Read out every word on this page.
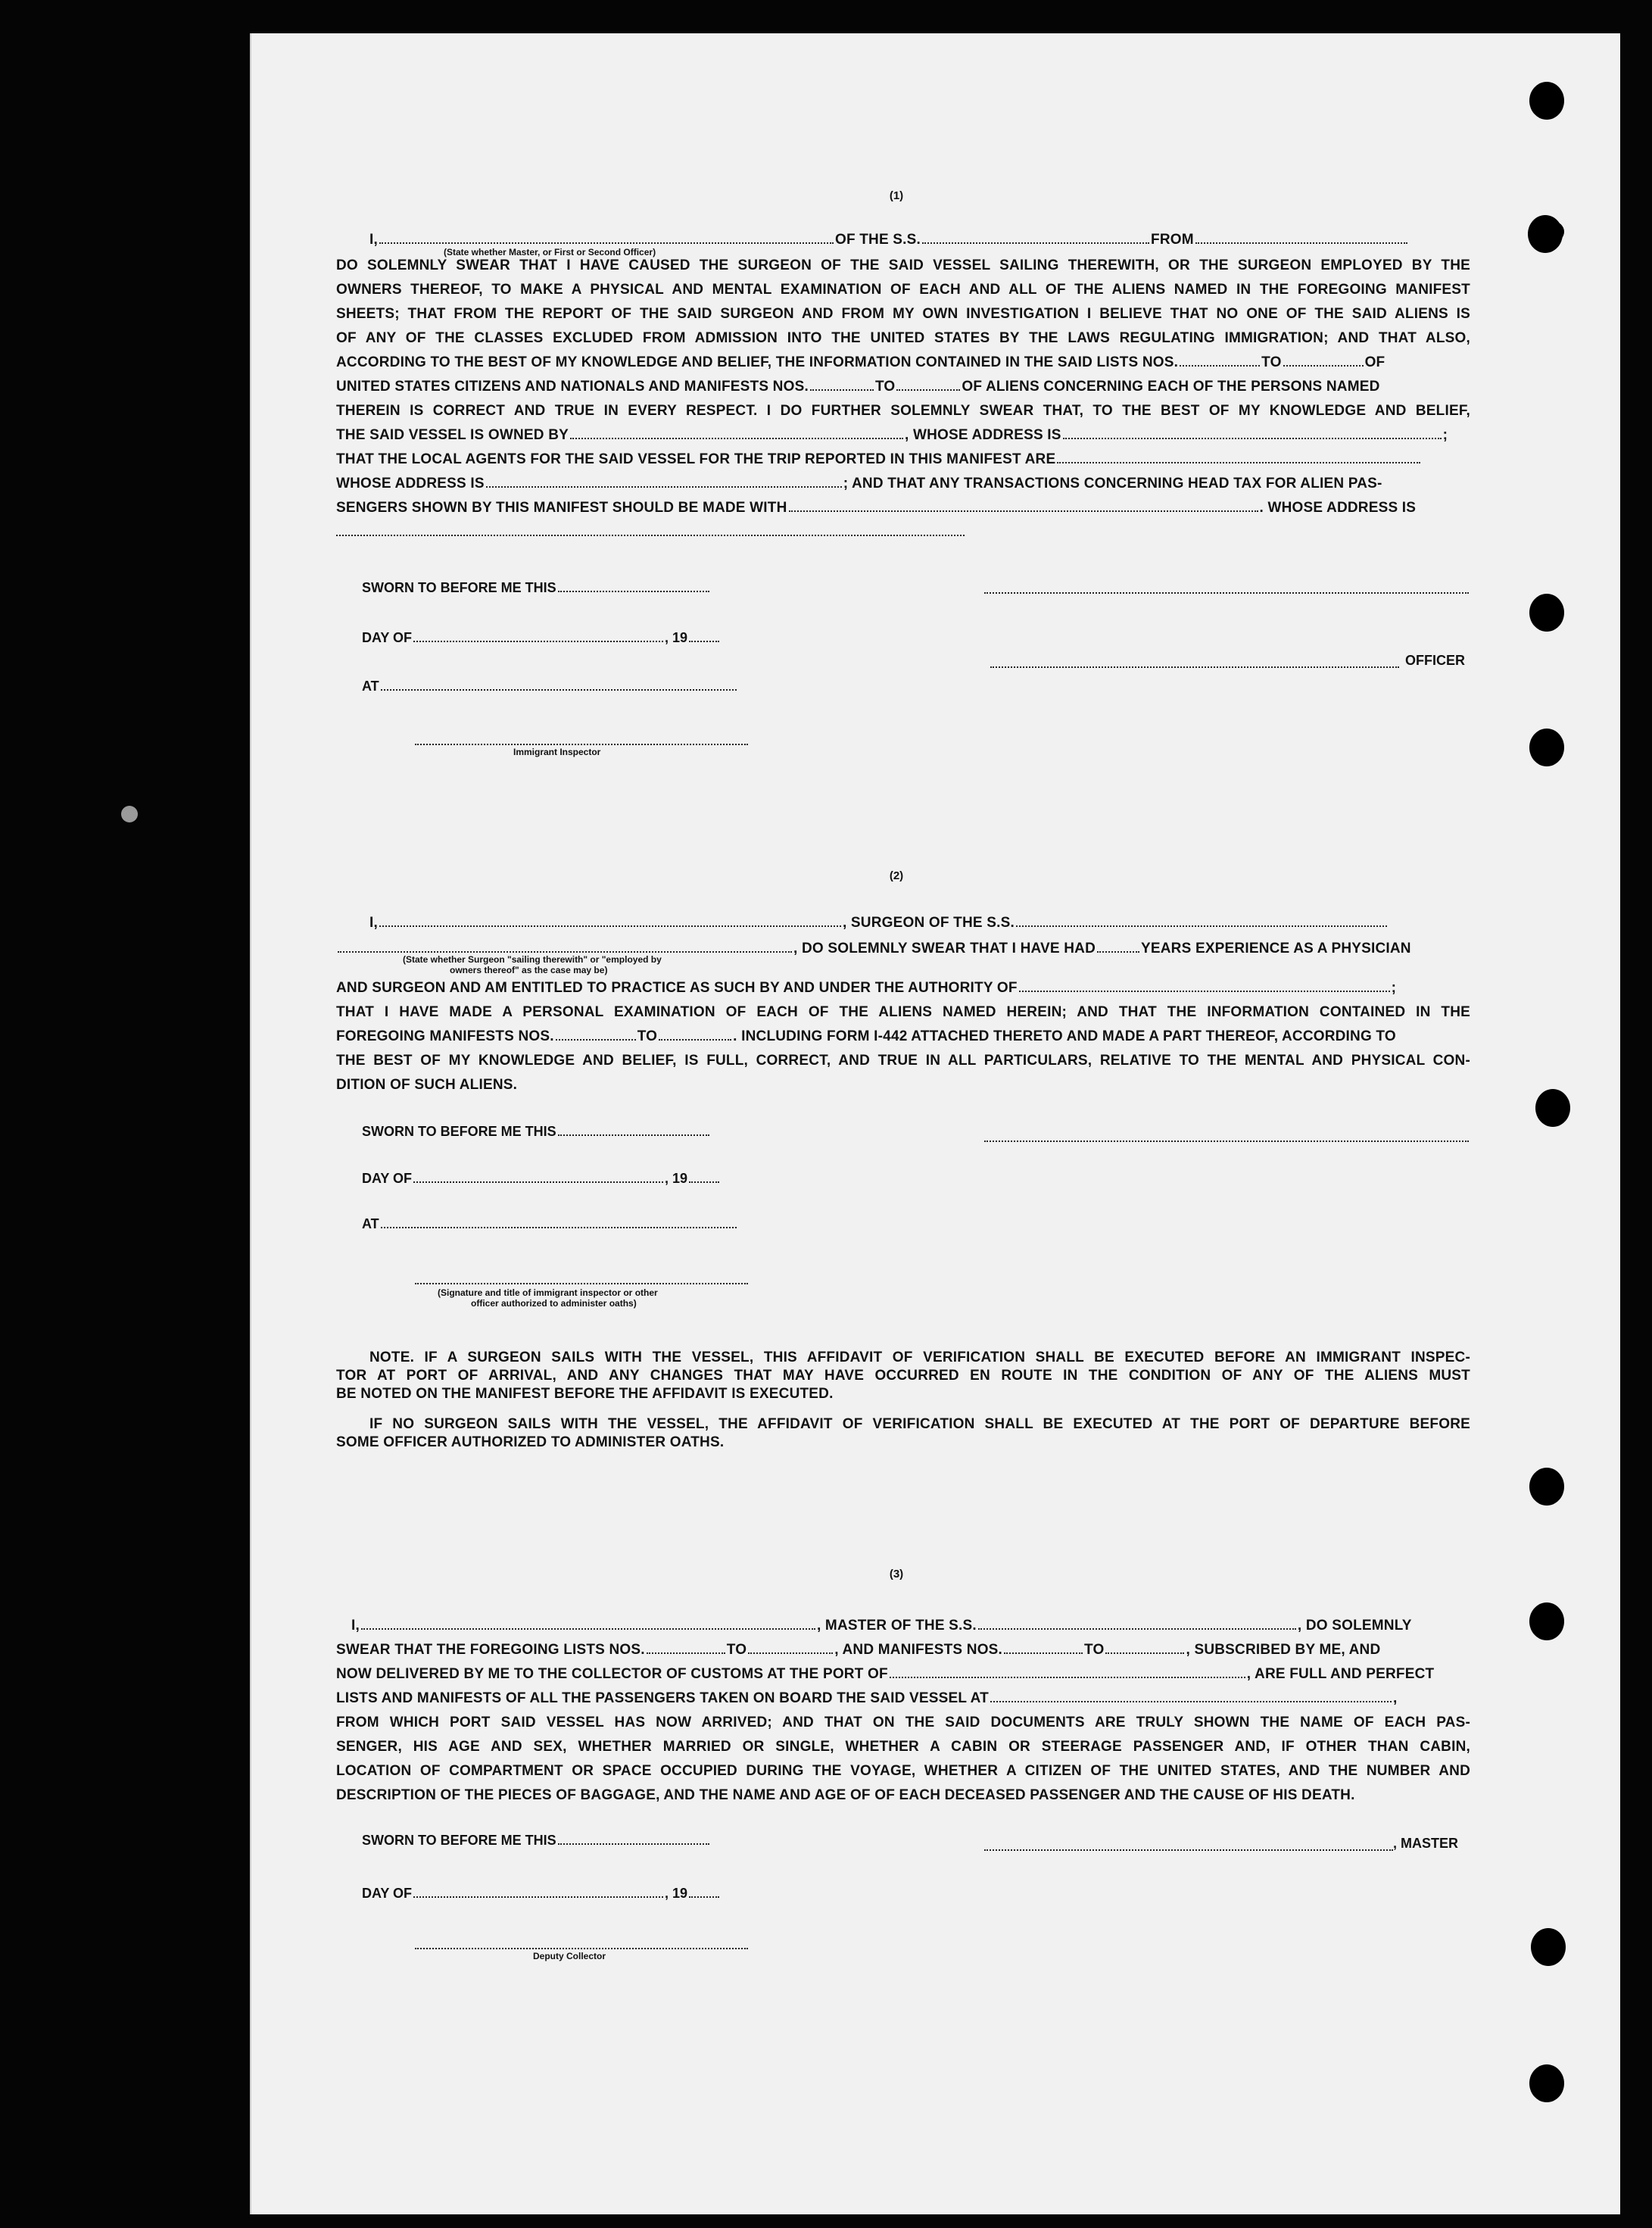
(1)
I,	OF THE S.S.	FROM
(State whether Master, or First or Second Officer)
DO SOLEMNLY SWEAR THAT I HAVE CAUSED THE SURGEON OF THE SAID VESSEL SAILING THEREWITH, OR THE SURGEON EMPLOYED BY THE
OWNERS THEREOF, TO MAKE A PHYSICAL AND MENTAL EXAMINATION OF EACH AND ALL OF THE ALIENS NAMED IN THE FOREGOING MANIFEST
SHEETS; THAT FROM THE REPORT OF THE SAID SURGEON AND FROM MY OWN INVESTIGATION I BELIEVE THAT NO ONE OF THE SAID ALIENS IS
OF ANY OF THE CLASSES EXCLUDED FROM ADMISSION INTO THE UNITED STATES BY THE LAWS REGULATING IMMIGRATION; AND THAT ALSO,
ACCORDING TO THE BEST OF MY KNOWLEDGE AND BELIEF, THE INFORMATION CONTAINED IN THE SAID LISTS NOS.	TO	OF
UNITED STATES CITIZENS AND NATIONALS AND MANIFESTS NOS.	TO	OF ALIENS CONCERNING EACH OF THE PERSONS NAMED
THEREIN IS CORRECT AND TRUE IN EVERY RESPECT. I DO FURTHER SOLEMNLY SWEAR THAT, TO THE BEST OF MY KNOWLEDGE AND BELIEF,
THE SAID VESSEL IS OWNED BY	, WHOSE ADDRESS IS	;
THAT THE LOCAL AGENTS FOR THE SAID VESSEL FOR THE TRIP REPORTED IN THIS MANIFEST ARE
WHOSE ADDRESS IS	; AND THAT ANY TRANSACTIONS CONCERNING HEAD TAX FOR ALIEN PAS-
SENGERS SHOWN BY THIS MANIFEST SHOULD BE MADE WITH	. WHOSE ADDRESS IS
SWORN TO BEFORE ME THIS
DAY OF	, 19
OFFICER
AT
Immigrant Inspector
(2)
I,	, SURGEON OF THE S.S.
, DO SOLEMNLY SWEAR THAT I HAVE HAD	YEARS EXPERIENCE AS A PHYSICIAN
(State whether Surgeon "sailing therewith" or "employed by
owners thereof" as the case may be)
AND SURGEON AND AM ENTITLED TO PRACTICE AS SUCH BY AND UNDER THE AUTHORITY OF	;
THAT I HAVE MADE A PERSONAL EXAMINATION OF EACH OF THE ALIENS NAMED HEREIN; AND THAT THE INFORMATION CONTAINED IN THE
FOREGOING MANIFESTS NOS.	TO	. INCLUDING FORM I-442 ATTACHED THERETO AND MADE A PART THEREOF, ACCORDING TO
THE BEST OF MY KNOWLEDGE AND BELIEF, IS FULL, CORRECT, AND TRUE IN ALL PARTICULARS, RELATIVE TO THE MENTAL AND PHYSICAL CON-
DITION OF SUCH ALIENS.
SWORN TO BEFORE ME THIS
DAY OF	, 19
AT
(Signature and title of immigrant inspector or other
officer authorized to administer oaths)
NOTE. IF A SURGEON SAILS WITH THE VESSEL, THIS AFFIDAVIT OF VERIFICATION SHALL BE EXECUTED BEFORE AN IMMIGRANT INSPEC-
TOR AT PORT OF ARRIVAL, AND ANY CHANGES THAT MAY HAVE OCCURRED EN ROUTE IN THE CONDITION OF ANY OF THE ALIENS MUST
BE NOTED ON THE MANIFEST BEFORE THE AFFIDAVIT IS EXECUTED.
IF NO SURGEON SAILS WITH THE VESSEL, THE AFFIDAVIT OF VERIFICATION SHALL BE EXECUTED AT THE PORT OF DEPARTURE BEFORE
SOME OFFICER AUTHORIZED TO ADMINISTER OATHS.
(3)
I,	, MASTER OF THE S.S.	, DO SOLEMNLY
SWEAR THAT THE FOREGOING LISTS NOS.	TO	, AND MANIFESTS NOS.	TO	, SUBSCRIBED BY ME, AND
NOW DELIVERED BY ME TO THE COLLECTOR OF CUSTOMS AT THE PORT OF	, ARE FULL AND PERFECT
LISTS AND MANIFESTS OF ALL THE PASSENGERS TAKEN ON BOARD THE SAID VESSEL AT	,
FROM WHICH PORT SAID VESSEL HAS NOW ARRIVED; AND THAT ON THE SAID DOCUMENTS ARE TRULY SHOWN THE NAME OF EACH PAS-
SENGER, HIS AGE AND SEX, WHETHER MARRIED OR SINGLE, WHETHER A CABIN OR STEERAGE PASSENGER AND, IF OTHER THAN CABIN,
LOCATION OF COMPARTMENT OR SPACE OCCUPIED DURING THE VOYAGE, WHETHER A CITIZEN OF THE UNITED STATES, AND THE NUMBER AND
DESCRIPTION OF THE PIECES OF BAGGAGE, AND THE NAME AND AGE OF OF EACH DECEASED PASSENGER AND THE CAUSE OF HIS DEATH.
SWORN TO BEFORE ME THIS	, MASTER
DAY OF	, 19
Deputy Collector
